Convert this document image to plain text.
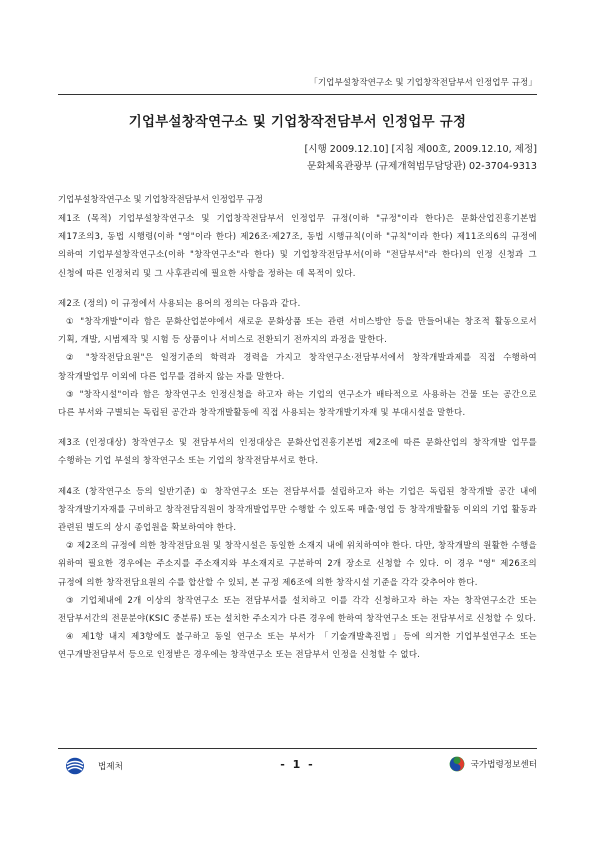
「기업부설창작연구소 및 기업창작전담부서 인정업무 규정」
기업부설창작연구소 및 기업창작전담부서 인정업무 규정
[시행 2009.12.10] [지침 제00호, 2009.12.10, 제정]
문화체육관광부 (규제개혁법무담당관) 02-3704-9313
기업부설창작연구소 및 기업창작전담부서 인정업무 규정

제1조 (목적) 기업부설창작연구소 및 기업창작전담부서 인정업무 규정(이하 "규정"이라 한다)은 문화산업진흥기본법 제17조의3, 동법 시행령(이하 "영"이라 한다) 제26조·제27조, 동법 시행규칙(이하 "규칙"이라 한다) 제11조의6의 규정에 의하여 기업부설창작연구소(이하 "창작연구소"라 한다) 및 기업창작전담부서(이하 "전담부서"라 한다)의 인정 신청과 그 신청에 따른 인정처리 및 그 사후관리에 필요한 사항을 정하는 데 목적이 있다.

제2조 (정의) 이 규정에서 사용되는 용어의 정의는 다음과 같다.

① "창작개발"이라 함은 문화산업분야에서 새로운 문화상품 또는 관련 서비스방안 등을 만들어내는 창조적 활동으로서 기획, 개발, 시범제작 및 시험 등 상품이나 서비스로 전환되기 전까지의 과정을 말한다.

② "창작전담요원"은 일정기준의 학력과 경력을 가지고 창작연구소·전담부서에서 창작개발과제를 직접 수행하여 창작개발업무 이외에 다른 업무를 겸하지 않는 자를 말한다.

③ "창작시설"이라 함은 창작연구소 인정신청을 하고자 하는 기업의 연구소가 배타적으로 사용하는 건물 또는 공간으로 다른 부서와 구별되는 독립된 공간과 창작개발활동에 직접 사용되는 창작개발기자재 및 부대시설을 말한다.

제3조 (인정대상) 창작연구소 및 전담부서의 인정대상은 문화산업진흥기본법 제2조에 따른 문화산업의 창작개발 업무를 수행하는 기업 부설의 창작연구소 또는 기업의 창작전담부서로 한다.

제4조 (창작연구소 등의 일반기준) ① 창작연구소 또는 전담부서를 설립하고자 하는 기업은 독립된 창작개발 공간 내에 창작개발기자재를 구비하고 창작전담직원이 창작개발업무만 수행할 수 있도록 매출·영업 등 창작개발활동 이외의 기업 활동과 관련된 별도의 상시 종업원을 확보하여야 한다.

② 제2조의 규정에 의한 창작전담요원 및 창작시설은 동일한 소재지 내에 위치하여야 한다. 다만, 창작개발의 원활한 수행을 위하여 필요한 경우에는 주소지를 주소재지와 부소재지로 구분하여 2개 장소로 신청할 수 있다. 이 경우 "영" 제26조의 규정에 의한 창작전담요원의 수를 합산할 수 있되, 본 규정 제6조에 의한 창작시설 기준을 각각 갖추어야 한다.

③ 기업체내에 2개 이상의 창작연구소 또는 전담부서를 설치하고 이를 각각 신청하고자 하는 자는 창작연구소간 또는 전담부서간의 전문분야(KSIC 중분류) 또는 설치한 주소지가 다른 경우에 한하여 창작연구소 또는 전담부서로 신청할 수 있다.

④ 제1항 내지 제3항에도 불구하고 동일 연구소 또는 부서가 「기술개발촉진법」등에 의거한 기업부설연구소 또는 연구개발전담부서 등으로 인정받은 경우에는 창작연구소 또는 전담부서 인정을 신청할 수 없다.

법제처	- 1 -	국가법령정보센터
